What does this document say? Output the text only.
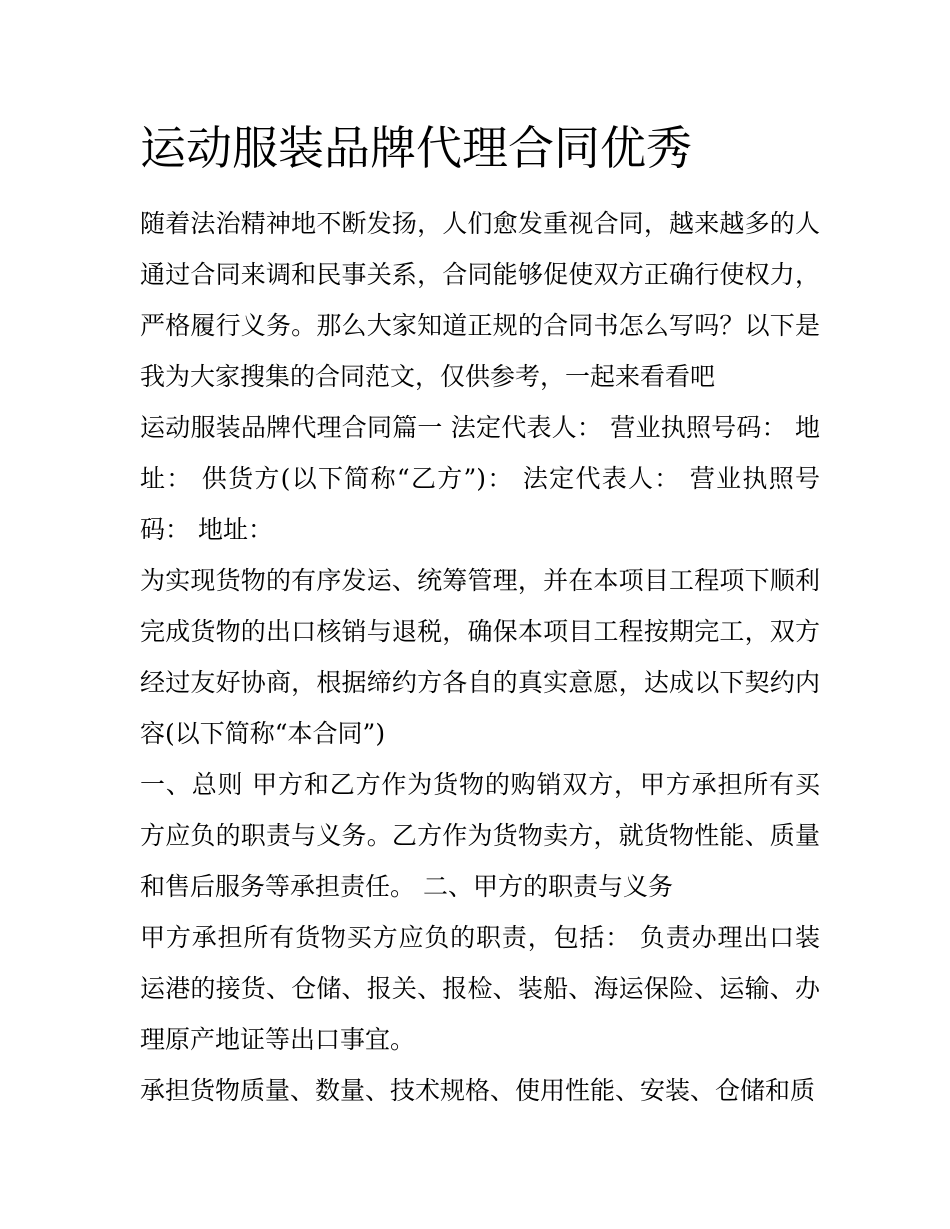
运动服装品牌代理合同优秀

随着法治精神地不断发扬，人们愈发重视合同，越来越多的人通过合同来调和民事关系，合同能够促使双方正确行使权力，严格履行义务。那么大家知道正规的合同书怎么写吗？以下是我为大家搜集的合同范文，仅供参考，一起来看看吧

运动服装品牌代理合同篇一 法定代表人： 营业执照号码： 地址： 供货方(以下简称“乙方”)： 法定代表人： 营业执照号码： 地址：

为实现货物的有序发运、统筹管理，并在本项目工程项下顺利完成货物的出口核销与退税，确保本项目工程按期完工，双方经过友好协商，根据缔约方各自的真实意愿，达成以下契约内容(以下简称“本合同”)

一、总则 甲方和乙方作为货物的购销双方，甲方承担所有买方应负的职责与义务。乙方作为货物卖方，就货物性能、质量和售后服务等承担责任。 二、甲方的职责与义务

甲方承担所有货物买方应负的职责，包括： 负责办理出口装运港的接货、仓储、报关、报检、装船、海运保险、运输、办理原产地证等出口事宜。

承担货物质量、数量、技术规格、使用性能、安装、仓储和质
